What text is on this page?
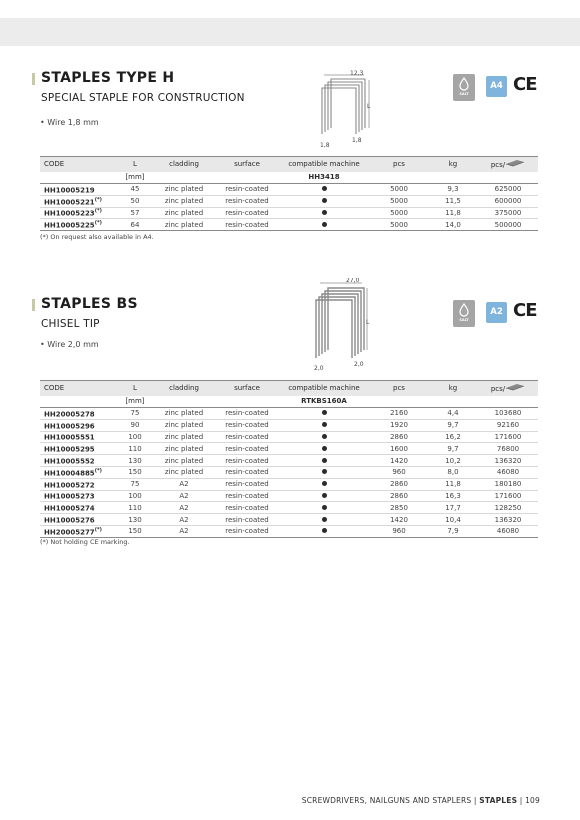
STAPLES TYPE H
SPECIAL STAPLE FOR CONSTRUCTION
• Wire 1,8 mm
12,3
L
1,8
1,8
SALT
A4 CE
CODE	L	cladding	surface	compatible machine	pcs	kg	pcs/
	[mm]			HH3418			
HH10005219	45	zinc plated	resin-coated		5000	9,3	625000
HH10005221(*)	50	zinc plated	resin-coated		5000	11,5	600000
HH10005223(*)	57	zinc plated	resin-coated		5000	11,8	375000
HH10005225(*)	64	zinc plated	resin-coated		5000	14,0	500000
(*) On request also available in A4.
STAPLES BS
CHISEL TIP
• Wire 2,0 mm
27,0
L
2,0
2,0
SALT
A2 CE
CODE	L	cladding	surface	compatible machine	pcs	kg	pcs/
	[mm]			RTKBS160A			
HH20005278	75	zinc plated	resin-coated		2160	4,4	103680
HH10005296	90	zinc plated	resin-coated		1920	9,7	92160
HH10005551	100	zinc plated	resin-coated		2860	16,2	171600
HH10005295	110	zinc plated	resin-coated		1600	9,7	76800
HH10005552	130	zinc plated	resin-coated		1420	10,2	136320
HH10004885(*)	150	zinc plated	resin-coated		960	8,0	46080
HH10005272	75	A2	resin-coated		2860	11,8	180180
HH10005273	100	A2	resin-coated		2860	16,3	171600
HH10005274	110	A2	resin-coated		2850	17,7	128250
HH10005276	130	A2	resin-coated		1420	10,4	136320
HH20005277(*)	150	A2	resin-coated		960	7,9	46080
(*) Not holding CE marking.
SCREWDRIVERS, NAILGUNS AND STAPLERS | STAPLES | 109
